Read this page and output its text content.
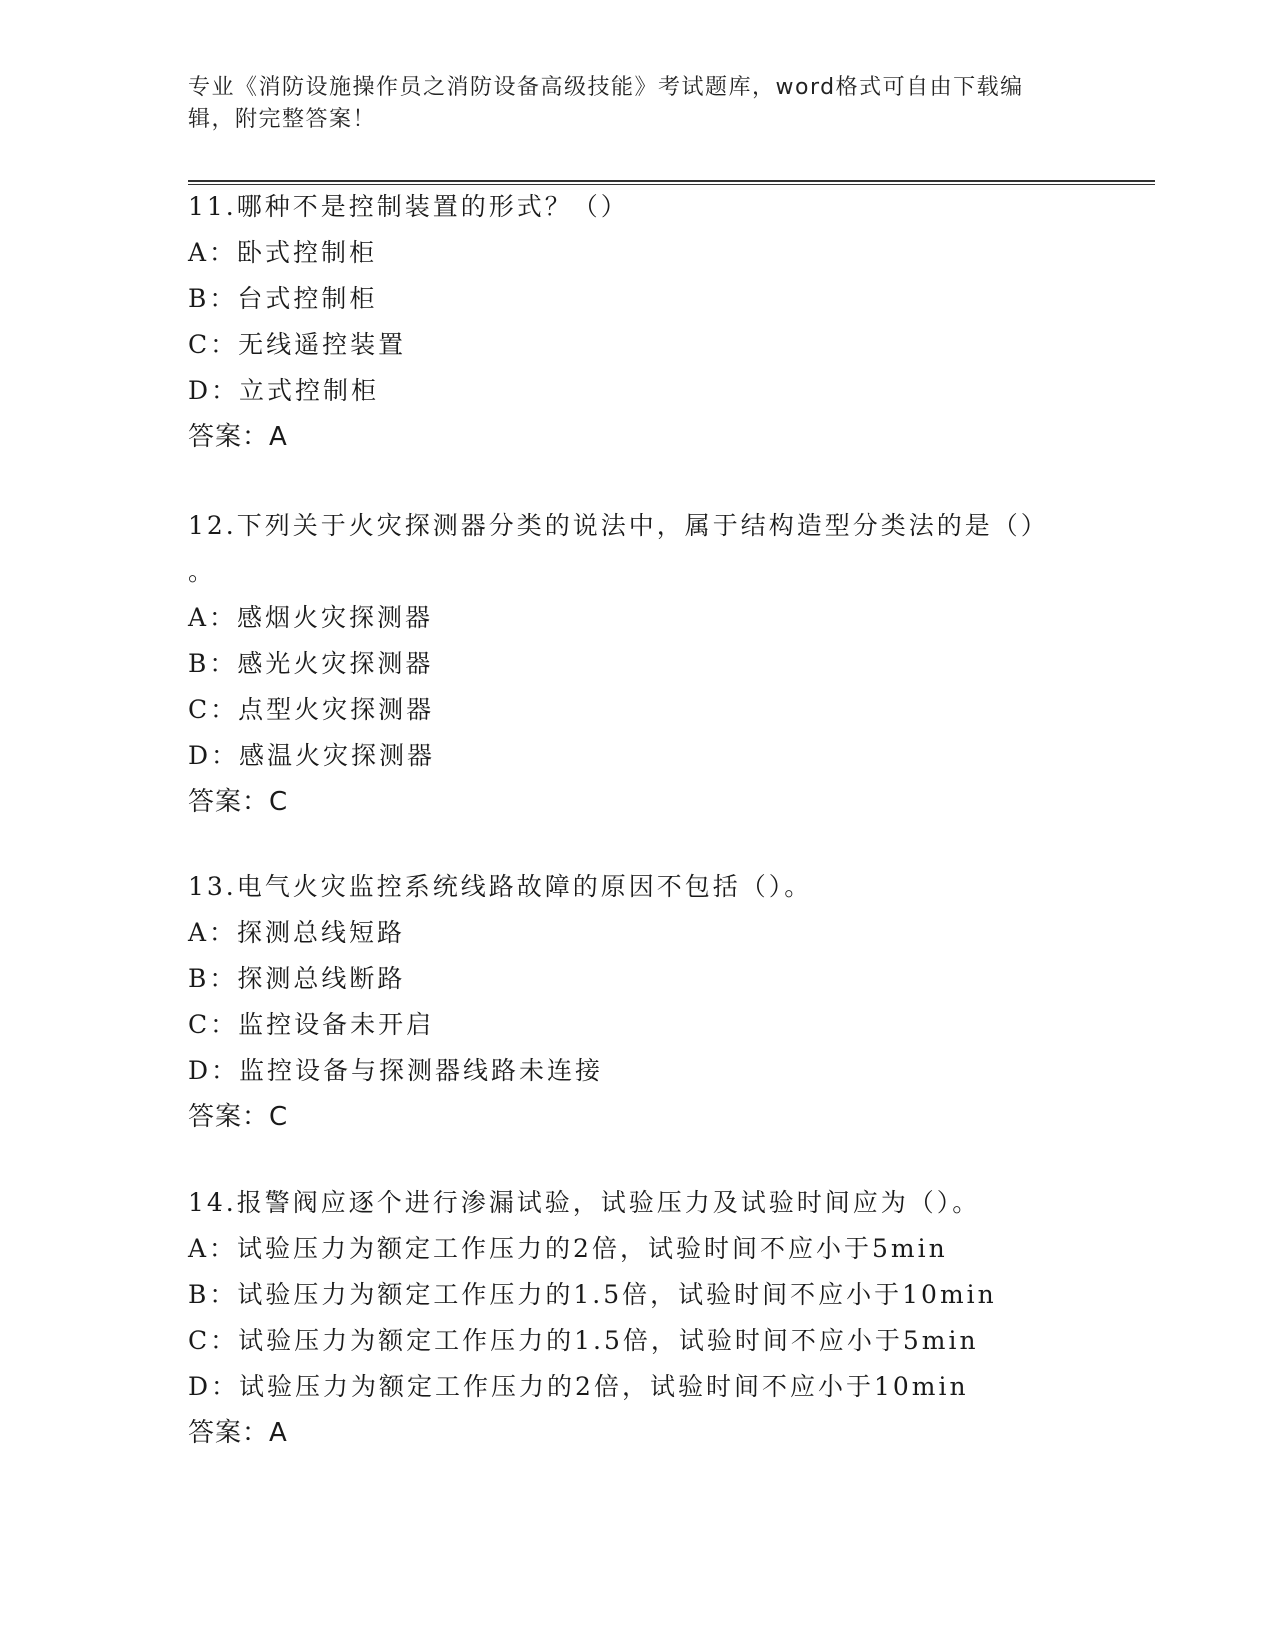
专业《消防设施操作员之消防设备高级技能》考试题库，word格式可自由下载编
辑，附完整答案！

11.哪种不是控制装置的形式？（）

A：卧式控制柜

B：台式控制柜

C：无线遥控装置

D：立式控制柜

答案：A

12.下列关于火灾探测器分类的说法中，属于结构造型分类法的是（）

。

A：感烟火灾探测器

B：感光火灾探测器

C：点型火灾探测器

D：感温火灾探测器

答案：C

13.电气火灾监控系统线路故障的原因不包括（）。

A：探测总线短路

B：探测总线断路

C：监控设备未开启

D：监控设备与探测器线路未连接

答案：C

14.报警阀应逐个进行渗漏试验，试验压力及试验时间应为（）。

A：试验压力为额定工作压力的2倍，试验时间不应小于5min

B：试验压力为额定工作压力的1.5倍，试验时间不应小于10min

C：试验压力为额定工作压力的1.5倍，试验时间不应小于5min

D：试验压力为额定工作压力的2倍，试验时间不应小于10min

答案：A
